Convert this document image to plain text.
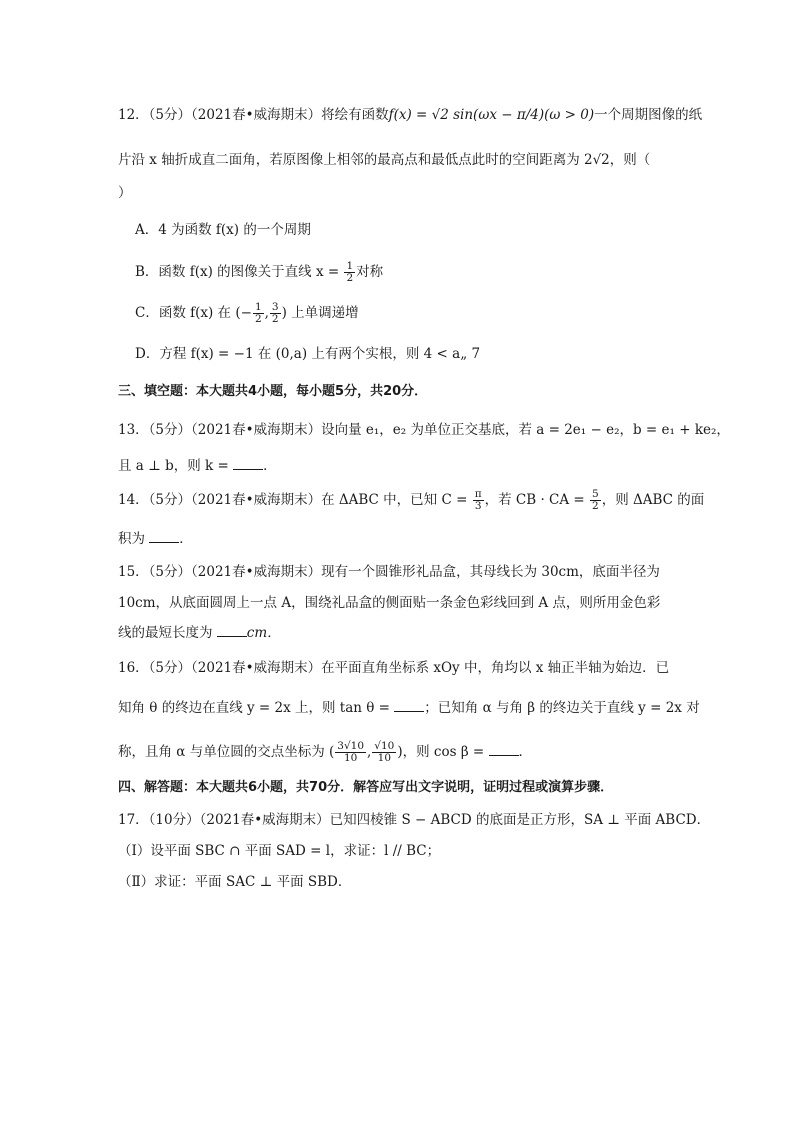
12．（5分）（2021春•威海期末）将绘有函数f(x) = √2 sin(ωx − π/4)(ω > 0)一个周期图像的纸
片沿 x 轴折成直二面角，若原图像上相邻的最高点和最低点此时的空间距离为 2√2，则（
）
A．4 为函数 f(x) 的一个周期
B．函数 f(x) 的图像关于直线 $x = \frac{1}{2}$ 对称
C．函数 f(x) 在 (− $\frac{1}{2}$ , $\frac{3}{2}$ ) 上单调递增
D．方程 f(x) = −1 在 (0,a) 上有两个实根，则 4 < a„ 7
三、填空题：本大题共4小题，每小题5分，共20分．
13．（5分）（2021春•威海期末）设向量 e₁，e₂ 为单位正交基底，若 a = 2e₁ − e₂，b = e₁ + ke₂，
且 a ⊥ b，则 k =	．
14．（5分）（2021春•威海期末）在 ΔABC 中，已知 $C = \frac{\pi}{3}$ ，若 CB · CA = $\frac{5}{2}$ ，则 ΔABC 的面
积为	．
15．（5分）（2021春•威海期末）现有一个圆锥形礼品盒，其母线长为 30cm，底面半径为
10cm，从底面圆周上一点 A，围绕礼品盒的侧面贴一条金色彩线回到 A 点，则所用金色彩
线的最短长度为	cm．
16．（5分）（2021春•威海期末）在平面直角坐标系 xOy 中，角均以 x 轴正半轴为始边．已
知角 θ 的终边在直线 y = 2x 上，则 tan θ =	；已知角 α 与角 β 的终边关于直线 y = 2x 对
称，且角 α 与单位圆的交点坐标为 ( $\frac{3√10}{10}$ , $\frac{√10}{10}$ )，则 cos β =	．
四、解答题：本大题共6小题，共70分．解答应写出文字说明，证明过程或演算步骤．
17．（10分）（2021春•威海期末）已知四棱锥 S − ABCD 的底面是正方形，SA ⊥ 平面 ABCD．
（Ⅰ）设平面 SBC ∩ 平面 SAD = l，求证：l // BC；
（Ⅱ）求证：平面 SAC ⊥ 平面 SBD．
